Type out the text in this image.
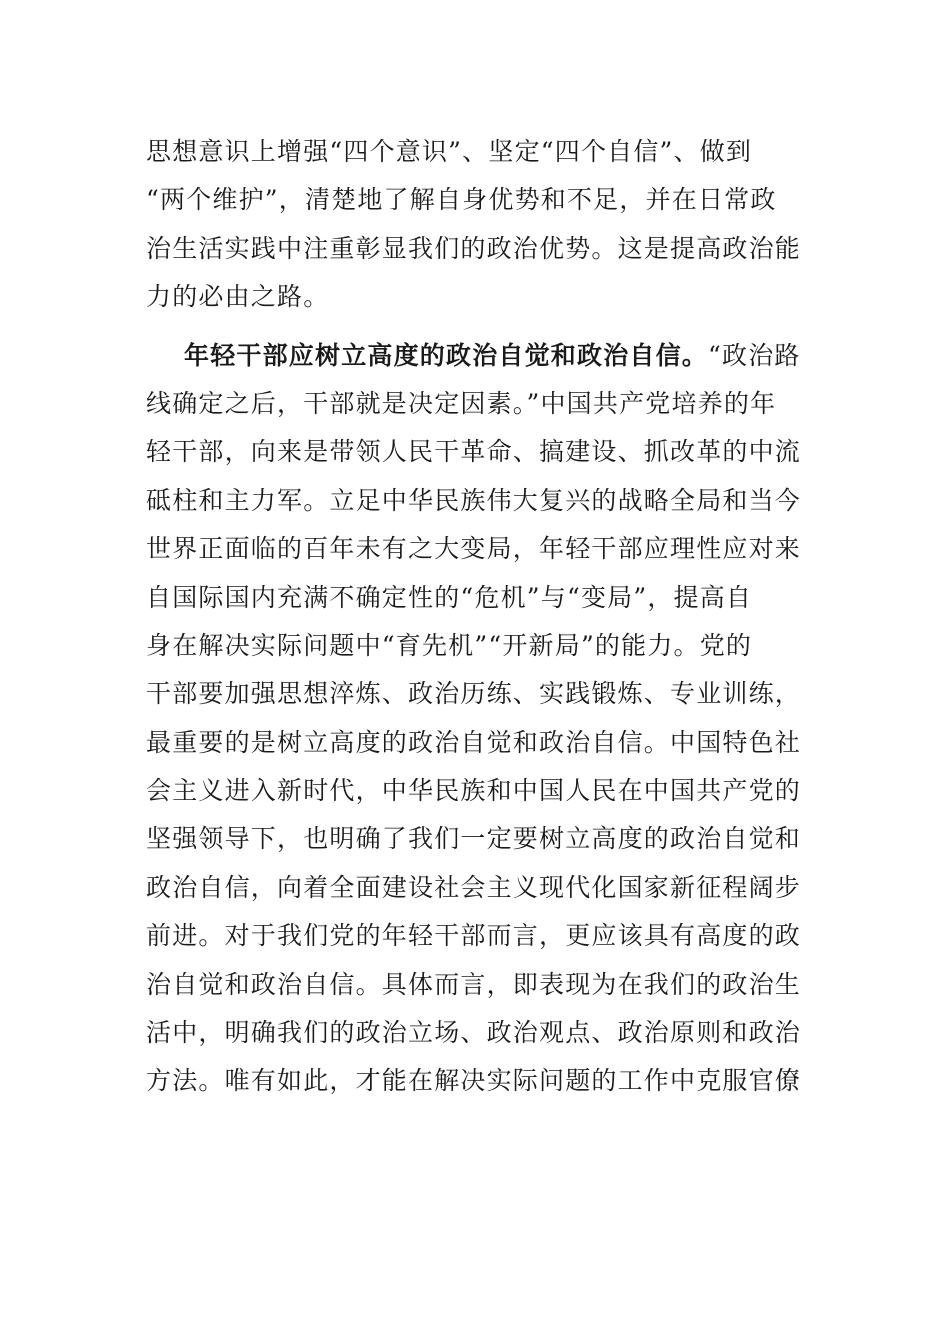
思想意识上增强“四个意识”、坚定“四个自信”、做到
“两个维护”，清楚地了解自身优势和不足，并在日常政
治生活实践中注重彰显我们的政治优势。这是提高政治能
力的必由之路。
年轻干部应树立高度的政治自觉和政治自信。“政治路
线确定之后，干部就是决定因素。”中国共产党培养的年
轻干部，向来是带领人民干革命、搞建设、抓改革的中流
砥柱和主力军。立足中华民族伟大复兴的战略全局和当今
世界正面临的百年未有之大变局，年轻干部应理性应对来
自国际国内充满不确定性的“危机”与“变局”，提高自
身在解决实际问题中“育先机”“开新局”的能力。党的
干部要加强思想淬炼、政治历练、实践锻炼、专业训练，
最重要的是树立高度的政治自觉和政治自信。中国特色社
会主义进入新时代，中华民族和中国人民在中国共产党的
坚强领导下，也明确了我们一定要树立高度的政治自觉和
政治自信，向着全面建设社会主义现代化国家新征程阔步
前进。对于我们党的年轻干部而言，更应该具有高度的政
治自觉和政治自信。具体而言，即表现为在我们的政治生
活中，明确我们的政治立场、政治观点、政治原则和政治
方法。唯有如此，才能在解决实际问题的工作中克服官僚
